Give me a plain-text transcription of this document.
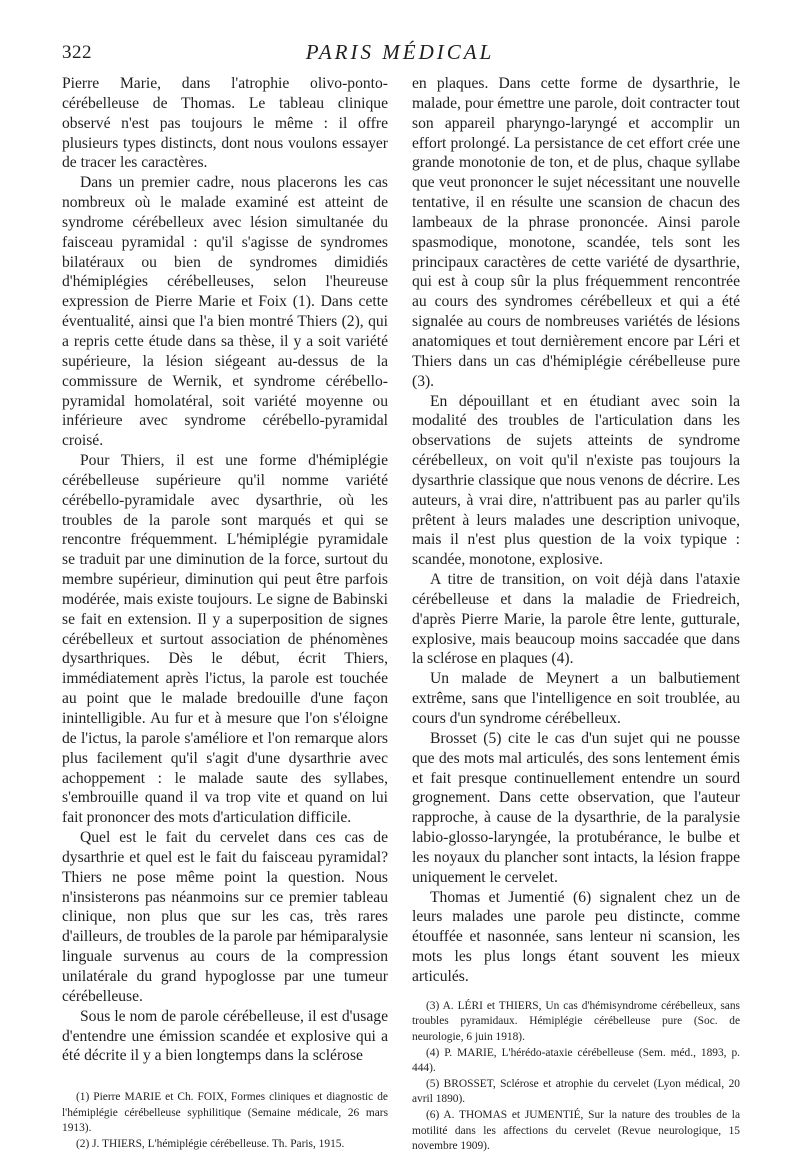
322	PARIS MÉDICAL

Pierre Marie, dans l'atrophie olivo-ponto-cérébelleuse de Thomas. Le tableau clinique observé n'est pas toujours le même : il offre plusieurs types distincts, dont nous voulons essayer de tracer les caractères.

Dans un premier cadre, nous placerons les cas nombreux où le malade examiné est atteint de syndrome cérébelleux avec lésion simultanée du faisceau pyramidal : qu'il s'agisse de syndromes bilatéraux ou bien de syndromes dimidiés d'hémiplégies cérébelleuses, selon l'heureuse expression de Pierre Marie et Foix (1). Dans cette éventualité, ainsi que l'a bien montré Thiers (2), qui a repris cette étude dans sa thèse, il y a soit variété supérieure, la lésion siégeant au-dessus de la commissure de Wernik, et syndrome cérébello-pyramidal homolatéral, soit variété moyenne ou inférieure avec syndrome cérébello-pyramidal croisé.

Pour Thiers, il est une forme d'hémiplégie cérébelleuse supérieure qu'il nomme variété cérébello-pyramidale avec dysarthrie, où les troubles de la parole sont marqués et qui se rencontre fréquemment. L'hémiplégie pyramidale se traduit par une diminution de la force, surtout du membre supérieur, diminution qui peut être parfois modérée, mais existe toujours. Le signe de Babinski se fait en extension. Il y a superposition de signes cérébelleux et surtout association de phénomènes dysarthriques. Dès le début, écrit Thiers, immédiatement après l'ictus, la parole est touchée au point que le malade bredouille d'une façon inintelligible. Au fur et à mesure que l'on s'éloigne de l'ictus, la parole s'améliore et l'on remarque alors plus facilement qu'il s'agit d'une dysarthrie avec achoppement : le malade saute des syllabes, s'embrouille quand il va trop vite et quand on lui fait prononcer des mots d'articulation difficile.

Quel est le fait du cervelet dans ces cas de dysarthrie et quel est le fait du faisceau pyramidal? Thiers ne pose même point la question. Nous n'insisterons pas néanmoins sur ce premier tableau clinique, non plus que sur les cas, très rares d'ailleurs, de troubles de la parole par hémiparalysie linguale survenus au cours de la compression unilatérale du grand hypoglosse par une tumeur cérébelleuse.

Sous le nom de parole cérébelleuse, il est d'usage d'entendre une émission scandée et explosive qui a été décrite il y a bien longtemps dans la sclérose

(1) Pierre MARIE et Ch. FOIX, Formes cliniques et diagnostic de l'hémiplégie cérébelleuse syphilitique (Semaine médicale, 26 mars 1913).

(2) J. THIERS, L'hémiplégie cérébelleuse. Th. Paris, 1915.

en plaques. Dans cette forme de dysarthrie, le malade, pour émettre une parole, doit contracter tout son appareil pharyngo-laryngé et accomplir un effort prolongé. La persistance de cet effort crée une grande monotonie de ton, et de plus, chaque syllabe que veut prononcer le sujet nécessitant une nouvelle tentative, il en résulte une scansion de chacun des lambeaux de la phrase prononcée. Ainsi parole spasmodique, monotone, scandée, tels sont les principaux caractères de cette variété de dysarthrie, qui est à coup sûr la plus fréquemment rencontrée au cours des syndromes cérébelleux et qui a été signalée au cours de nombreuses variétés de lésions anatomiques et tout dernièrement encore par Léri et Thiers dans un cas d'hémiplégie cérébelleuse pure (3).

En dépouillant et en étudiant avec soin la modalité des troubles de l'articulation dans les observations de sujets atteints de syndrome cérébelleux, on voit qu'il n'existe pas toujours la dysarthrie classique que nous venons de décrire. Les auteurs, à vrai dire, n'attribuent pas au parler qu'ils prêtent à leurs malades une description univoque, mais il n'est plus question de la voix typique : scandée, monotone, explosive.

A titre de transition, on voit déjà dans l'ataxie cérébelleuse et dans la maladie de Friedreich, d'après Pierre Marie, la parole être lente, gutturale, explosive, mais beaucoup moins saccadée que dans la sclérose en plaques (4).

Un malade de Meynert a un balbutiement extrême, sans que l'intelligence en soit troublée, au cours d'un syndrome cérébelleux.

Brosset (5) cite le cas d'un sujet qui ne pousse que des mots mal articulés, des sons lentement émis et fait presque continuellement entendre un sourd grognement. Dans cette observation, que l'auteur rapproche, à cause de la dysarthrie, de la paralysie labio-glosso-laryngée, la protubérance, le bulbe et les noyaux du plancher sont intacts, la lésion frappe uniquement le cervelet.

Thomas et Jumentié (6) signalent chez un de leurs malades une parole peu distincte, comme étouffée et nasonnée, sans lenteur ni scansion, les mots les plus longs étant souvent les mieux articulés.

(3) A. LÉRI et THIERS, Un cas d'hémisyndrome cérébelleux, sans troubles pyramidaux. Hémiplégie cérébelleuse pure (Soc. de neurologie, 6 juin 1918).

(4) P. MARIE, L'hérédo-ataxie cérébelleuse (Sem. méd., 1893, p. 444).

(5) BROSSET, Sclérose et atrophie du cervelet (Lyon médical, 20 avril 1890).

(6) A. THOMAS et JUMENTIÉ, Sur la nature des troubles de la motilité dans les affections du cervelet (Revue neurologique, 15 novembre 1909).
